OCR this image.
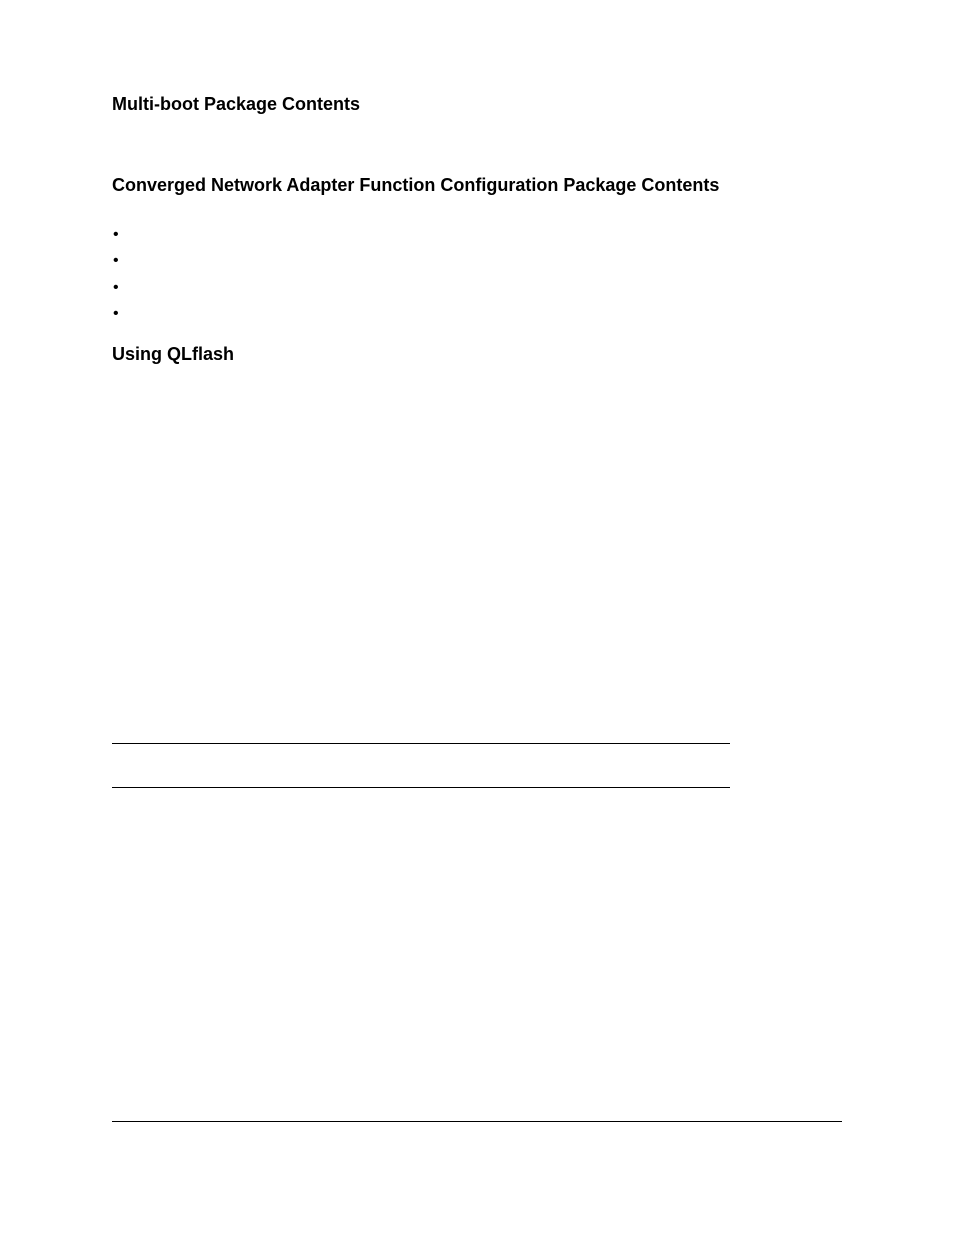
Multi-boot Package Contents
Converged Network Adapter Function Configuration Package Contents
•
•
•
•
Using QLflash
